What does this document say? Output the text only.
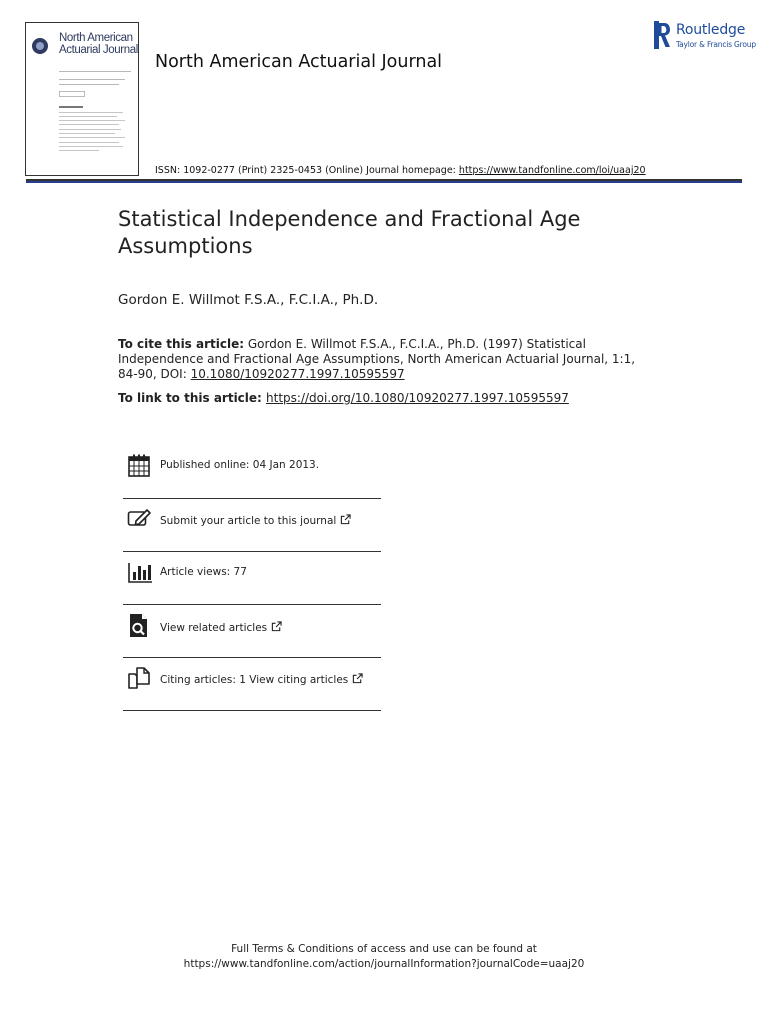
North American
Actuarial Journal
North American Actuarial Journal
Routledge
Taylor & Francis Group
ISSN: 1092-0277 (Print) 2325-0453 (Online) Journal homepage: https://www.tandfonline.com/loi/uaaj20
Statistical Independence and Fractional Age Assumptions
Gordon E. Willmot F.S.A., F.C.I.A., Ph.D.
To cite this article: Gordon E. Willmot F.S.A., F.C.I.A., Ph.D. (1997) Statistical Independence and Fractional Age Assumptions, North American Actuarial Journal, 1:1, 84-90, DOI: 10.1080/10920277.1997.10595597
To link to this article: https://doi.org/10.1080/10920277.1997.10595597
Published online: 04 Jan 2013.
Submit your article to this journal
Article views: 77
View related articles
Citing articles: 1 View citing articles
Full Terms & Conditions of access and use can be found at
https://www.tandfonline.com/action/journalInformation?journalCode=uaaj20
